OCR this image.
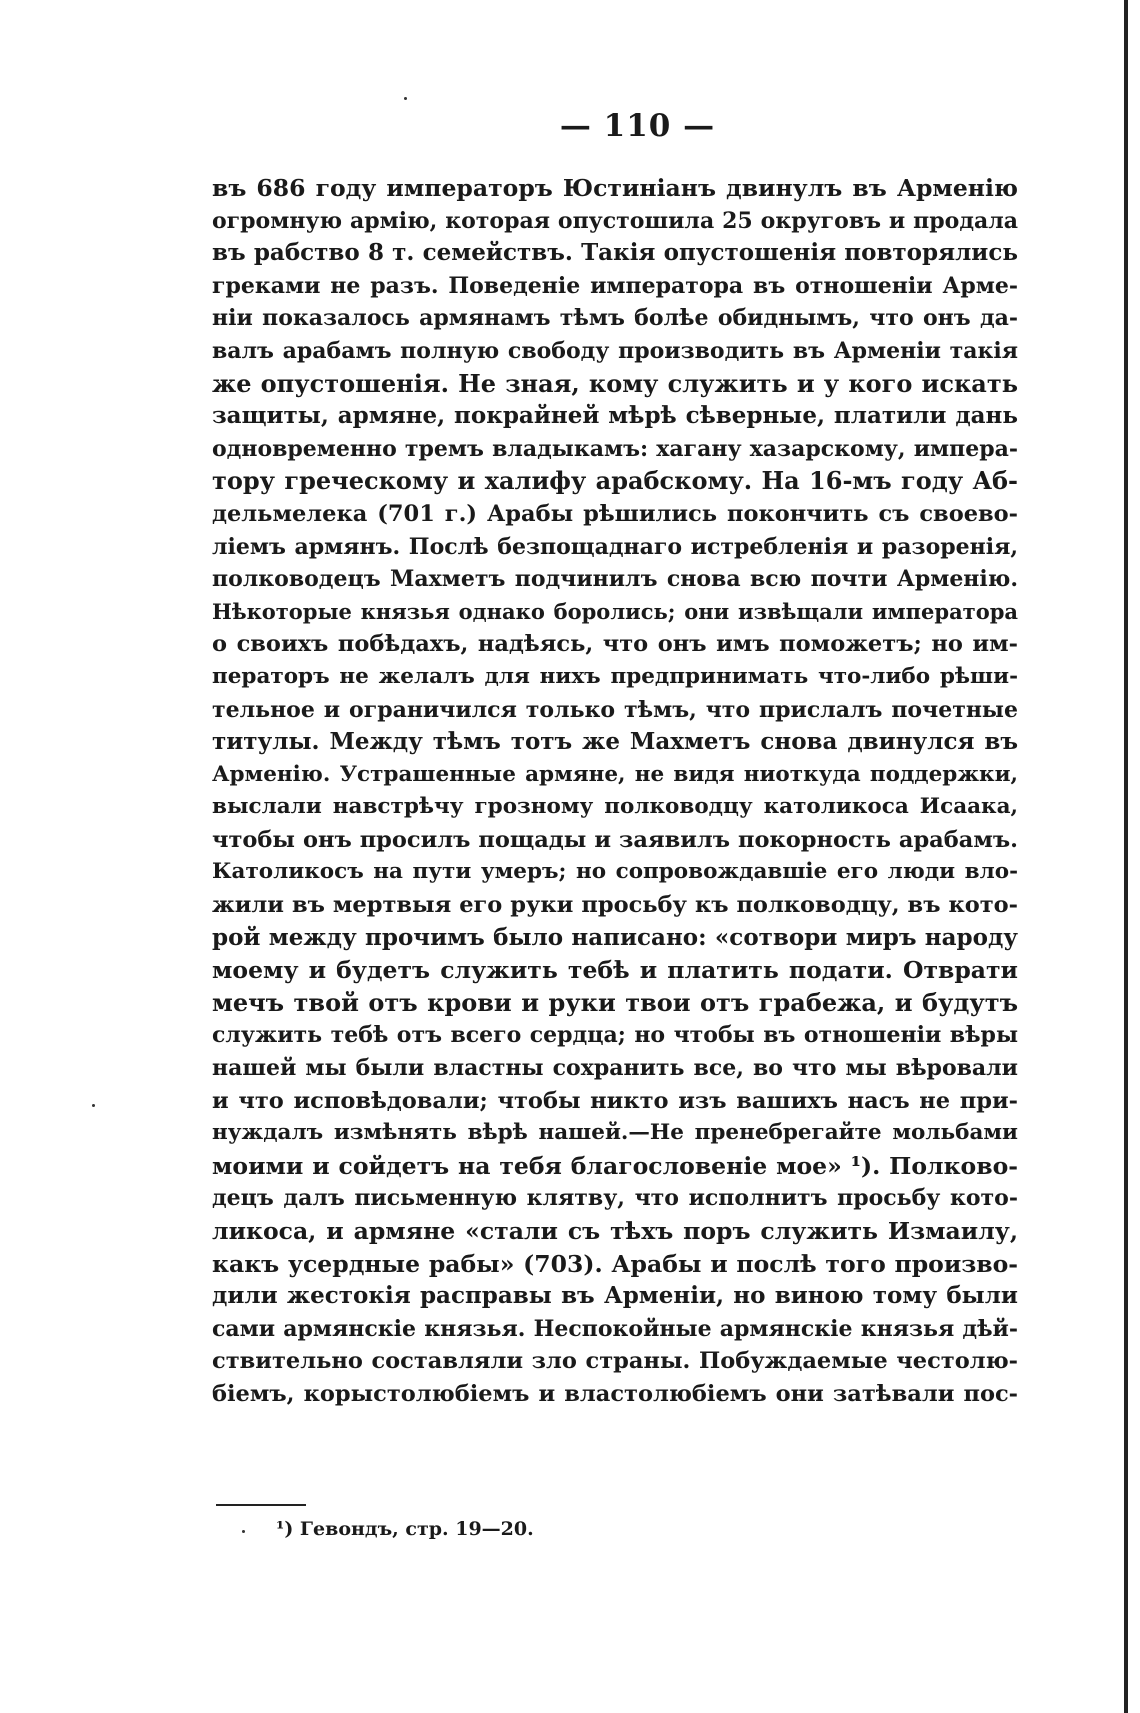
— 110 —
въ 686 году императоръ Юстиніанъ двинулъ въ Арменію
огромную армію, которая опустошила 25 округовъ и продала
въ рабство 8 т. семействъ. Такія опустошенія повторялись
греками не разъ. Поведеніе императора въ отношеніи Арме-
ніи показалось армянамъ тѣмъ болѣе обиднымъ, что онъ да-
валъ арабамъ полную свободу производить въ Арменіи такія
же опустошенія. Не зная, кому служить и у кого искать
защиты, армяне, покрайней мѣрѣ сѣверные, платили дань
одновременно тремъ владыкамъ: хагану хазарскому, импера-
тору греческому и халифу арабскому. На 16-мъ году Аб-
дельмелека (701 г.) Арабы рѣшились покончить съ своево-
ліемъ армянъ. Послѣ безпощаднаго истребленія и разоренія,
полководецъ Махметъ подчинилъ снова всю почти Арменію.
Нѣкоторые князья однако боролись; они извѣщали императора
о своихъ побѣдахъ, надѣясь, что онъ имъ поможетъ; но им-
ператоръ не желалъ для нихъ предпринимать что-либо рѣши-
тельное и ограничился только тѣмъ, что прислалъ почетные
титулы. Между тѣмъ тотъ же Махметъ снова двинулся въ
Арменію. Устрашенные армяне, не видя ниоткуда поддержки,
выслали навстрѣчу грозному полководцу католикоса Исаака,
чтобы онъ просилъ пощады и заявилъ покорность арабамъ.
Католикосъ на пути умеръ; но сопровождавшіе его люди вло-
жили въ мертвыя его руки просьбу къ полководцу, въ кото-
рой между прочимъ было написано: «сотвори миръ народу
моему и будетъ служить тебѣ и платить подати. Отврати
мечъ твой отъ крови и руки твои отъ грабежа, и будутъ
служить тебѣ отъ всего сердца; но чтобы въ отношеніи вѣры
нашей мы были властны сохранить все, во что мы вѣровали
и что исповѣдовали; чтобы никто изъ вашихъ насъ не при-
нуждалъ измѣнять вѣрѣ нашей.—Не пренебрегайте мольбами
моими и сойдетъ на тебя благословеніе мое» ¹). Полково-
децъ далъ письменную клятву, что исполнитъ просьбу кото-
ликоса, и армяне «стали съ тѣхъ поръ служить Измаилу,
какъ усердные рабы» (703). Арабы и послѣ того произво-
дили жестокія расправы въ Арменіи, но виною тому были
сами армянскіе князья. Неспокойные армянскіе князья дѣй-
ствительно составляли зло страны. Побуждаемые честолю-
біемъ, корыстолюбіемъ и властолюбіемъ они затѣвали пос-
¹) Гевондъ, стр. 19—20.
